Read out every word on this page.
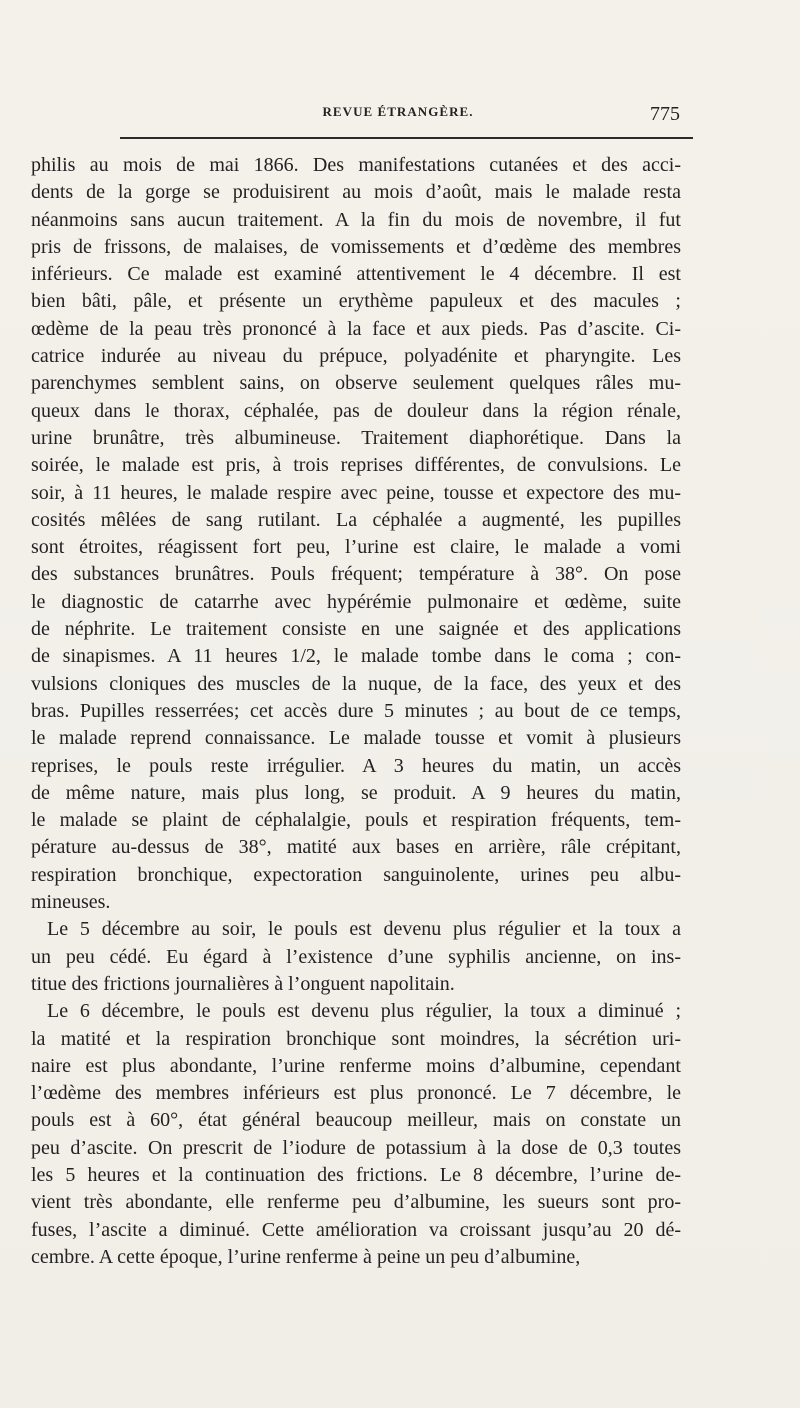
REVUE ÉTRANGÈRE.	775
philis au mois de mai 1866. Des manifestations cutanées et des acci-
dents de la gorge se produisirent au mois d’août, mais le malade resta
néanmoins sans aucun traitement. A la fin du mois de novembre, il fut
pris de frissons, de malaises, de vomissements et d’œdème des membres
inférieurs. Ce malade est examiné attentivement le 4 décembre. Il est
bien bâti, pâle, et présente un erythème papuleux et des macules ;
œdème de la peau très prononcé à la face et aux pieds. Pas d’ascite. Ci-
catrice indurée au niveau du prépuce, polyadénite et pharyngite. Les
parenchymes semblent sains, on observe seulement quelques râles mu-
queux dans le thorax, céphalée, pas de douleur dans la région rénale,
urine brunâtre, très albumineuse. Traitement diaphorétique. Dans la
soirée, le malade est pris, à trois reprises différentes, de convulsions. Le
soir, à 11 heures, le malade respire avec peine, tousse et expectore des mu-
cosités mêlées de sang rutilant. La céphalée a augmenté, les pupilles
sont étroites, réagissent fort peu, l’urine est claire, le malade a vomi
des substances brunâtres. Pouls fréquent; température à 38°. On pose
le diagnostic de catarrhe avec hypérémie pulmonaire et œdème, suite
de néphrite. Le traitement consiste en une saignée et des applications
de sinapismes. A 11 heures 1/2, le malade tombe dans le coma ; con-
vulsions cloniques des muscles de la nuque, de la face, des yeux et des
bras. Pupilles resserrées; cet accès dure 5 minutes ; au bout de ce temps,
le malade reprend connaissance. Le malade tousse et vomit à plusieurs
reprises, le pouls reste irrégulier. A 3 heures du matin, un accès
de même nature, mais plus long, se produit. A 9 heures du matin,
le malade se plaint de céphalalgie, pouls et respiration fréquents, tem-
pérature au-dessus de 38°, matité aux bases en arrière, râle crépitant,
respiration bronchique, expectoration sanguinolente, urines peu albu-
mineuses.
Le 5 décembre au soir, le pouls est devenu plus régulier et la toux a
un peu cédé. Eu égard à l’existence d’une syphilis ancienne, on ins-
titue des frictions journalières à l’onguent napolitain.
Le 6 décembre, le pouls est devenu plus régulier, la toux a diminué ;
la matité et la respiration bronchique sont moindres, la sécrétion uri-
naire est plus abondante, l’urine renferme moins d’albumine, cependant
l’œdème des membres inférieurs est plus prononcé. Le 7 décembre, le
pouls est à 60°, état général beaucoup meilleur, mais on constate un
peu d’ascite. On prescrit de l’iodure de potassium à la dose de 0,3 toutes
les 5 heures et la continuation des frictions. Le 8 décembre, l’urine de-
vient très abondante, elle renferme peu d’albumine, les sueurs sont pro-
fuses, l’ascite a diminué. Cette amélioration va croissant jusqu’au 20 dé-
cembre. A cette époque, l’urine renferme à peine un peu d’albumine,
